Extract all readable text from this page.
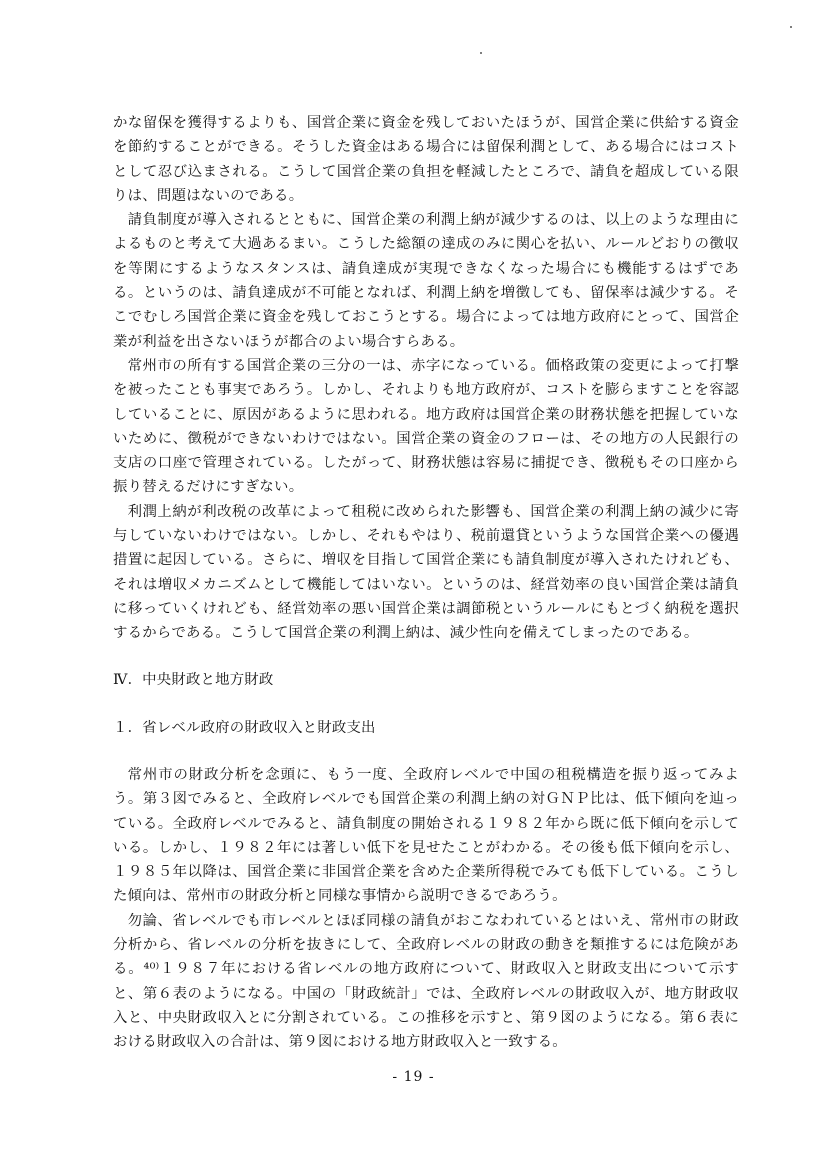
かな留保を獲得するよりも、国営企業に資金を残しておいたほうが、国営企業に供給する資金を節約することができる。そうした資金はある場合には留保利潤として、ある場合にはコストとして忍び込まされる。こうして国営企業の負担を軽減したところで、請負を超成している限りは、問題はないのである。

請負制度が導入されるとともに、国営企業の利潤上納が減少するのは、以上のような理由によるものと考えて大過あるまい。こうした総額の達成のみに関心を払い、ルールどおりの徴収を等閑にするようなスタンスは、請負達成が実現できなくなった場合にも機能するはずである。というのは、請負達成が不可能となれば、利潤上納を増徴しても、留保率は減少する。そこでむしろ国営企業に資金を残しておこうとする。場合によっては地方政府にとって、国営企業が利益を出さないほうが都合のよい場合すらある。

常州市の所有する国営企業の三分の一は、赤字になっている。価格政策の変更によって打撃を被ったことも事実であろう。しかし、それよりも地方政府が、コストを膨らますことを容認していることに、原因があるように思われる。地方政府は国営企業の財務状態を把握していないために、徴税ができないわけではない。国営企業の資金のフローは、その地方の人民銀行の支店の口座で管理されている。したがって、財務状態は容易に捕捉でき、徴税もその口座から振り替えるだけにすぎない。

利潤上納が利改税の改革によって租税に改められた影響も、国営企業の利潤上納の減少に寄与していないわけではない。しかし、それもやはり、税前還貸というような国営企業への優遇措置に起因している。さらに、増収を目指して国営企業にも請負制度が導入されたけれども、それは増収メカニズムとして機能してはいない。というのは、経営効率の良い国営企業は請負に移っていくけれども、経営効率の悪い国営企業は調節税というルールにもとづく納税を選択するからである。こうして国営企業の利潤上納は、減少性向を備えてしまったのである。

Ⅳ．中央財政と地方財政
１．省レベル政府の財政収入と財政支出

常州市の財政分析を念頭に、もう一度、全政府レベルで中国の租税構造を振り返ってみよう。第３図でみると、全政府レベルでも国営企業の利潤上納の対ＧＮＰ比は、低下傾向を辿っている。全政府レベルでみると、請負制度の開始される１９８２年から既に低下傾向を示している。しかし、１９８２年には著しい低下を見せたことがわかる。その後も低下傾向を示し、１９８５年以降は、国営企業に非国営企業を含めた企業所得税でみても低下している。こうした傾向は、常州市の財政分析と同様な事情から説明できるであろう。

勿論、省レベルでも市レベルとほぼ同様の請負がおこなわれているとはいえ、常州市の財政分析から、省レベルの分析を抜きにして、全政府レベルの財政の動きを類推するには危険がある。⁴⁰⁾１９８７年における省レベルの地方政府について、財政収入と財政支出について示すと、第６表のようになる。中国の「財政統計」では、全政府レベルの財政収入が、地方財政収入と、中央財政収入とに分割されている。この推移を示すと、第９図のようになる。第６表における財政収入の合計は、第９図における地方財政収入と一致する。

- 19 -
